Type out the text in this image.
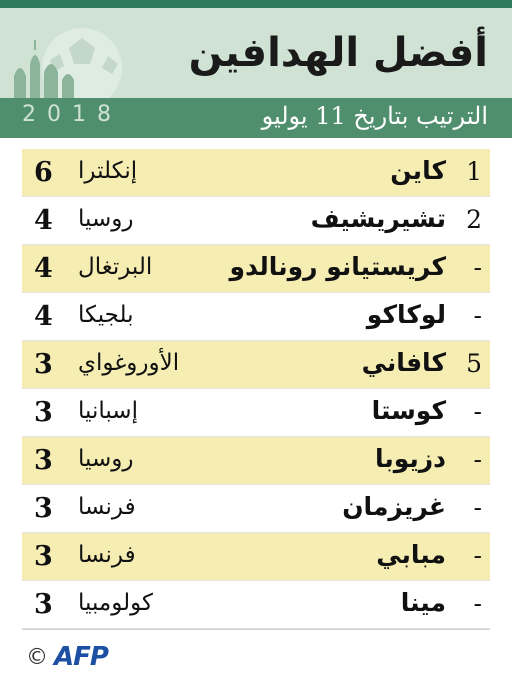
أفضل الهدافين
2018	الترتيب بتاريخ 11 يوليو
6 إنكلترا	كاين 1
4 روسيا	تشيريشيف 2
4 البرتغال	كريستيانو رونالدو -
4 بلجيكا	لوكاكو -
3 الأوروغواي	كافاني 5
3 إسبانيا	كوستا -
3 روسيا	دزيوبا -
3 فرنسا	غريزمان -
3 فرنسا	مبابي -
3 كولومبيا	مينا -
© AFP
